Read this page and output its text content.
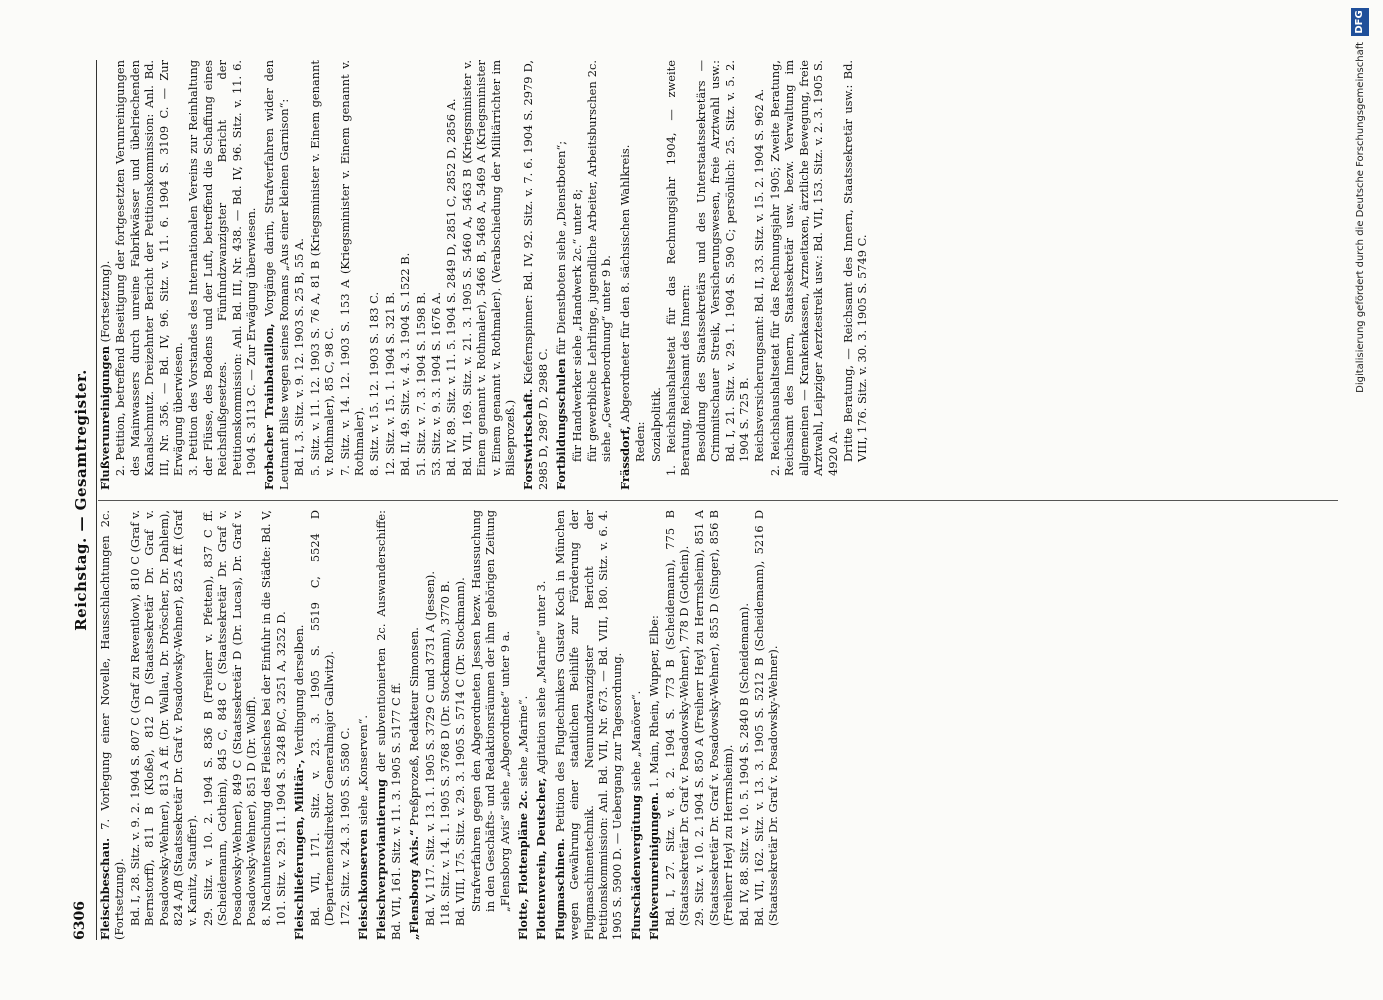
6306
Reichstag. — Gesamtregister.

Fleischbeschau. 7. Vorlegung einer Novelle, Hausschlachtungen 2c. (Fortsetzung). Bd. I, 28. Sitz. v. 9. 2. 1904 S. 807 C (Graf zu Reventlow), 810 C (Graf v. Bernstorff), 811 B (Kloße), 812 D (Staatssekretär Dr. Graf v. Posadowsky-Wehner), 813 A ff. (Dr. Wallau, Dr. Dröscher, Dr. Dahlem), 824 A/B (Staatssekretär Dr. Graf v. Posadowsky-Wehner), 825 A ff. (Graf v. Kanitz, Stauffer). 29. Sitz. v. 10. 2. 1904 S. 836 B (Freiherr v. Pfetten), 837 C ff. (Scheidemann, Gothein), 845 C, 848 C (Staatssekretär Dr. Graf v. Posadowsky-Wehner), 849 C (Staatssekretär D (Dr. Lucas), Dr. Graf v. Posadowsky-Wehner), 851 D (Dr. Wolff). 8. Nachuntersuchung des Fleisches bei der Einfuhr in die Städte: Bd. V, 101. Sitz. v. 29. 11. 1904 S. 3248 B/C, 3251 A, 3252 D. Fleischlieferungen, Militär-, Verdingung derselben. Bd. VII, 171. Sitz. v. 23. 3. 1905 S. 5519 C, 5524 D (Departementsdirektor Generalmajor Gallwitz). 172. Sitz. v. 24. 3. 1905 S. 5580 C. Fleischkonserven siehe „Konserven“.

Fleischverproviantierung der subventionierten 2c. Auswanderschiffe: Bd. VII, 161. Sitz. v. 11. 3. 1905 S. 5177 C ff. „Flensborg Avis.“ Preßprozeß, Redakteur Simonsen. Bd. V, 117. Sitz. v. 13. 1. 1905 S. 3729 C und 3731 A (Jessen). 118. Sitz. v. 14. 1. 1905 S. 3768 D (Dr. Stockmann), 3770 B. Bd. VIII, 175. Sitz. v. 29. 3. 1905 S. 5714 C (Dr. Stockmann). Strafverfahren gegen den Abgeordneten Jessen bezw. Haussuchung in den Geschäfts- und Redaktionsräumen der ihm gehörigen Zeitung „Flensborg Avis“ siehe „Abgeordnete“ unter 9 a. Flotte, Flottenpläne 2c. siehe „Marine“.

Flottenverein, Deutscher, Agitation siehe „Marine“ unter 3.

Flugmaschinen. Petition des Flugtechnikers Gustav Koch in München wegen Gewährung einer staatlichen Beihilfe zur Förderung der Flugmaschinentechnik. Neunundzwanzigster Bericht der Petitionskommission: Anl. Bd. VII, Nr. 673. — Bd. VIII, 180. Sitz. v. 6. 4. 1905 S. 5900 D. — Uebergang zur Tagesordnung. Flurschädenvergütung siehe „Manöver“.

Flußverunreinigungen. 1. Main, Rhein, Wupper, Elbe: Bd. I, 27. Sitz. v. 8. 2. 1904 S. 773 B (Scheidemann), 775 B (Staatssekretär Dr. Graf v. Posadowsky-Wehner), 778 D (Gothein). 29. Sitz. v. 10. 2. 1904 S. 850 A (Freiherr Heyl zu Herrnsheim), 851 A (Staatssekretär Dr. Graf v. Posadowsky-Wehner), 855 D (Singer), 856 B (Freiherr Heyl zu Herrnsheim). Bd. IV, 88. Sitz. v. 10. 5. 1904 S. 2840 B (Scheidemann). Bd. VII, 162. Sitz. v. 13. 3. 1905 S. 5212 B (Scheidemann), 5216 D (Staatssekretär Dr. Graf v. Posadowsky-Wehner).

Flußverunreinigungen (Fortsetzung). 2. Petition, betreffend Beseitigung der fortgesetzten Verunreinigungen des Mainwassers durch unreine Fabrikwässer und übelriechenden Kanalschmutz. Dreizehnter Bericht der Petitionskommission: Anl. Bd. III, Nr. 356. — Bd. IV, 96. Sitz. v. 11. 6. 1904 S. 3109 C. — Zur Erwägung überwiesen. 3. Petition des Vorstandes des Internationalen Vereins zur Reinhaltung der Flüsse, des Bodens und der Luft, betreffend die Schaffung eines Reichsflußgesetzes. Fünfundzwanzigster Bericht der Petitionskommission: Anl. Bd. III, Nr. 438. — Bd. IV, 96. Sitz. v. 11. 6. 1904 S. 3113 C. — Zur Erwägung überwiesen. Forbacher Trainbataillon, Vorgänge darin, Strafverfahren wider den Leutnant Bilse wegen seines Romans „Aus einer kleinen Garnison“: Bd. I, 3. Sitz. v. 9. 12. 1903 S. 25 B, 55 A. 5. Sitz. v. 11. 12. 1903 S. 76 A, 81 B (Kriegsminister v. Einem genannt v. Rothmaler), 85 C, 98 C. 7. Sitz. v. 14. 12. 1903 S. 153 A (Kriegsminister v. Einem genannt v. Rothmaler). 8. Sitz. v. 15. 12. 1903 S. 183 C. 12. Sitz. v. 15. 1. 1904 S. 321 B. Bd. II, 49. Sitz. v. 4. 3. 1904 S. 1522 B. 51. Sitz. v. 7. 3. 1904 S. 1598 B. 53. Sitz. v. 9. 3. 1904 S. 1676 A. Bd. IV, 89. Sitz. v. 11. 5. 1904 S. 2849 D, 2851 C, 2852 D, 2856 A. Bd. VII, 169. Sitz. v. 21. 3. 1905 S. 5460 A, 5463 B (Kriegsminister v. Einem genannt v. Rothmaler), 5466 B, 5468 A, 5469 A (Kriegsminister v. Einem genannt v. Rothmaler). (Verabschiedung der Militärrichter im Bilseprozeß.) Forstwirtschaft. Kiefernspinner: Bd. IV, 92. Sitz. v. 7. 6. 1904 S. 2979 D, 2985 D, 2987 D, 2988 C. Fortbildungsschulen für Dienstboten siehe „Dienstboten“; für Handwerker siehe „Handwerk 2c.“ unter 8; für gewerbliche Lehrlinge, jugendliche Arbeiter, Arbeitsburschen 2c. siehe „Gewerbeordnung“ unter 9 b. Frässdorf, Abgeordneter für den 8. sächsischen Wahlkreis.

Reden: Sozialpolitik. 1. Reichshaushaltsetat für das Rechnungsjahr 1904, — zweite Beratung, Reichsamt des Innern: Besoldung des Staatssekretärs und des Unterstaatssekretärs — Crimmitschauer Streik, Versicherungswesen, freie Arztwahl usw.: Bd. I, 21. Sitz. v. 29. 1. 1904 S. 590 C; persönlich: 25. Sitz. v. 5. 2. 1904 S. 725 B. Reichsversicherungsamt: Bd. II, 33. Sitz. v. 15. 2. 1904 S. 962 A. 2. Reichshaushaltsetat für das Rechnungsjahr 1905; Zweite Beratung, Reichsamt des Innern, Staatssekretär usw. bezw. Verwaltung im allgemeinen — Krankenkassen, Arzneitaxen, ärztliche Bewegung, freie Arztwahl, Leipziger Aerztestreik usw.: Bd. VII, 153. Sitz. v. 2. 3. 1905 S. 4920 A. Dritte Beratung, — Reichsamt des Innern, Staatssekretär usw.: Bd. VIII, 176. Sitz. v. 30. 3. 1905 S. 5749 C.	Digitalisierung gefördert durch die Deutsche Forschungsgemeinschaft
DFG
